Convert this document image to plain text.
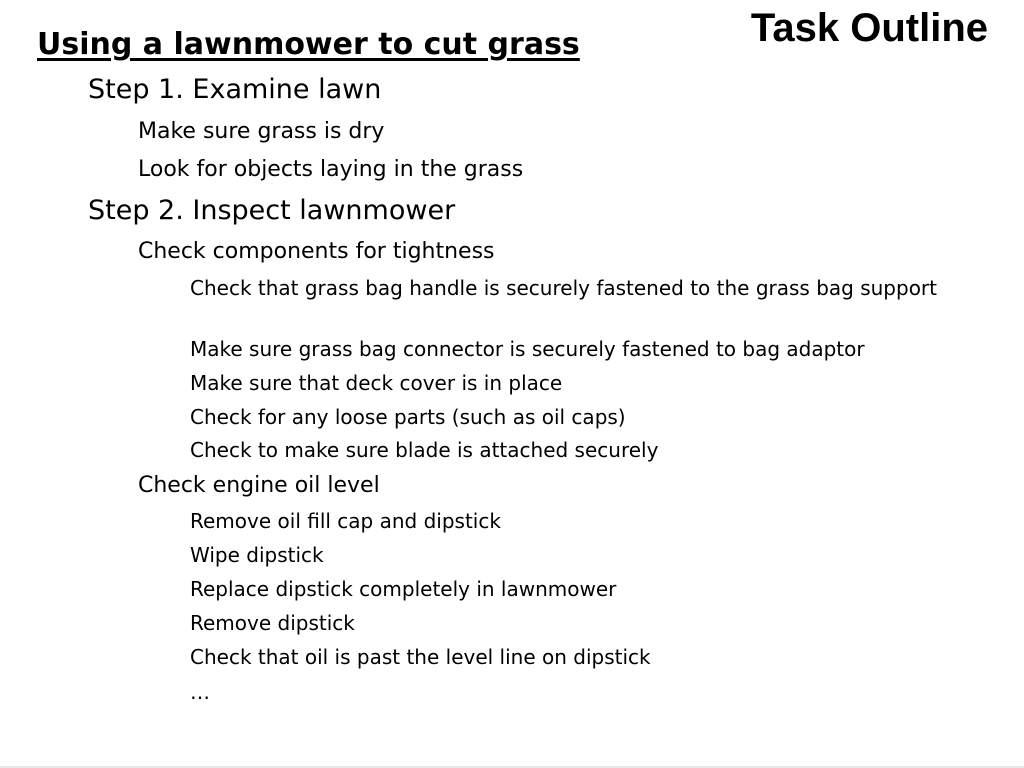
Task Outline
Using a lawnmower to cut grass

Step 1. Examine lawn

Make sure grass is dry

Look for objects laying in the grass

Step 2. Inspect lawnmower

Check components for tightness

Check that grass bag handle is securely fastened to the grass bag support

Make sure grass bag connector is securely fastened to bag adaptor

Make sure that deck cover is in place

Check for any loose parts (such as oil caps)

Check to make sure blade is attached securely

Check engine oil level

Remove oil fill cap and dipstick

Wipe dipstick

Replace dipstick completely in lawnmower

Remove dipstick

Check that oil is past the level line on dipstick

…
